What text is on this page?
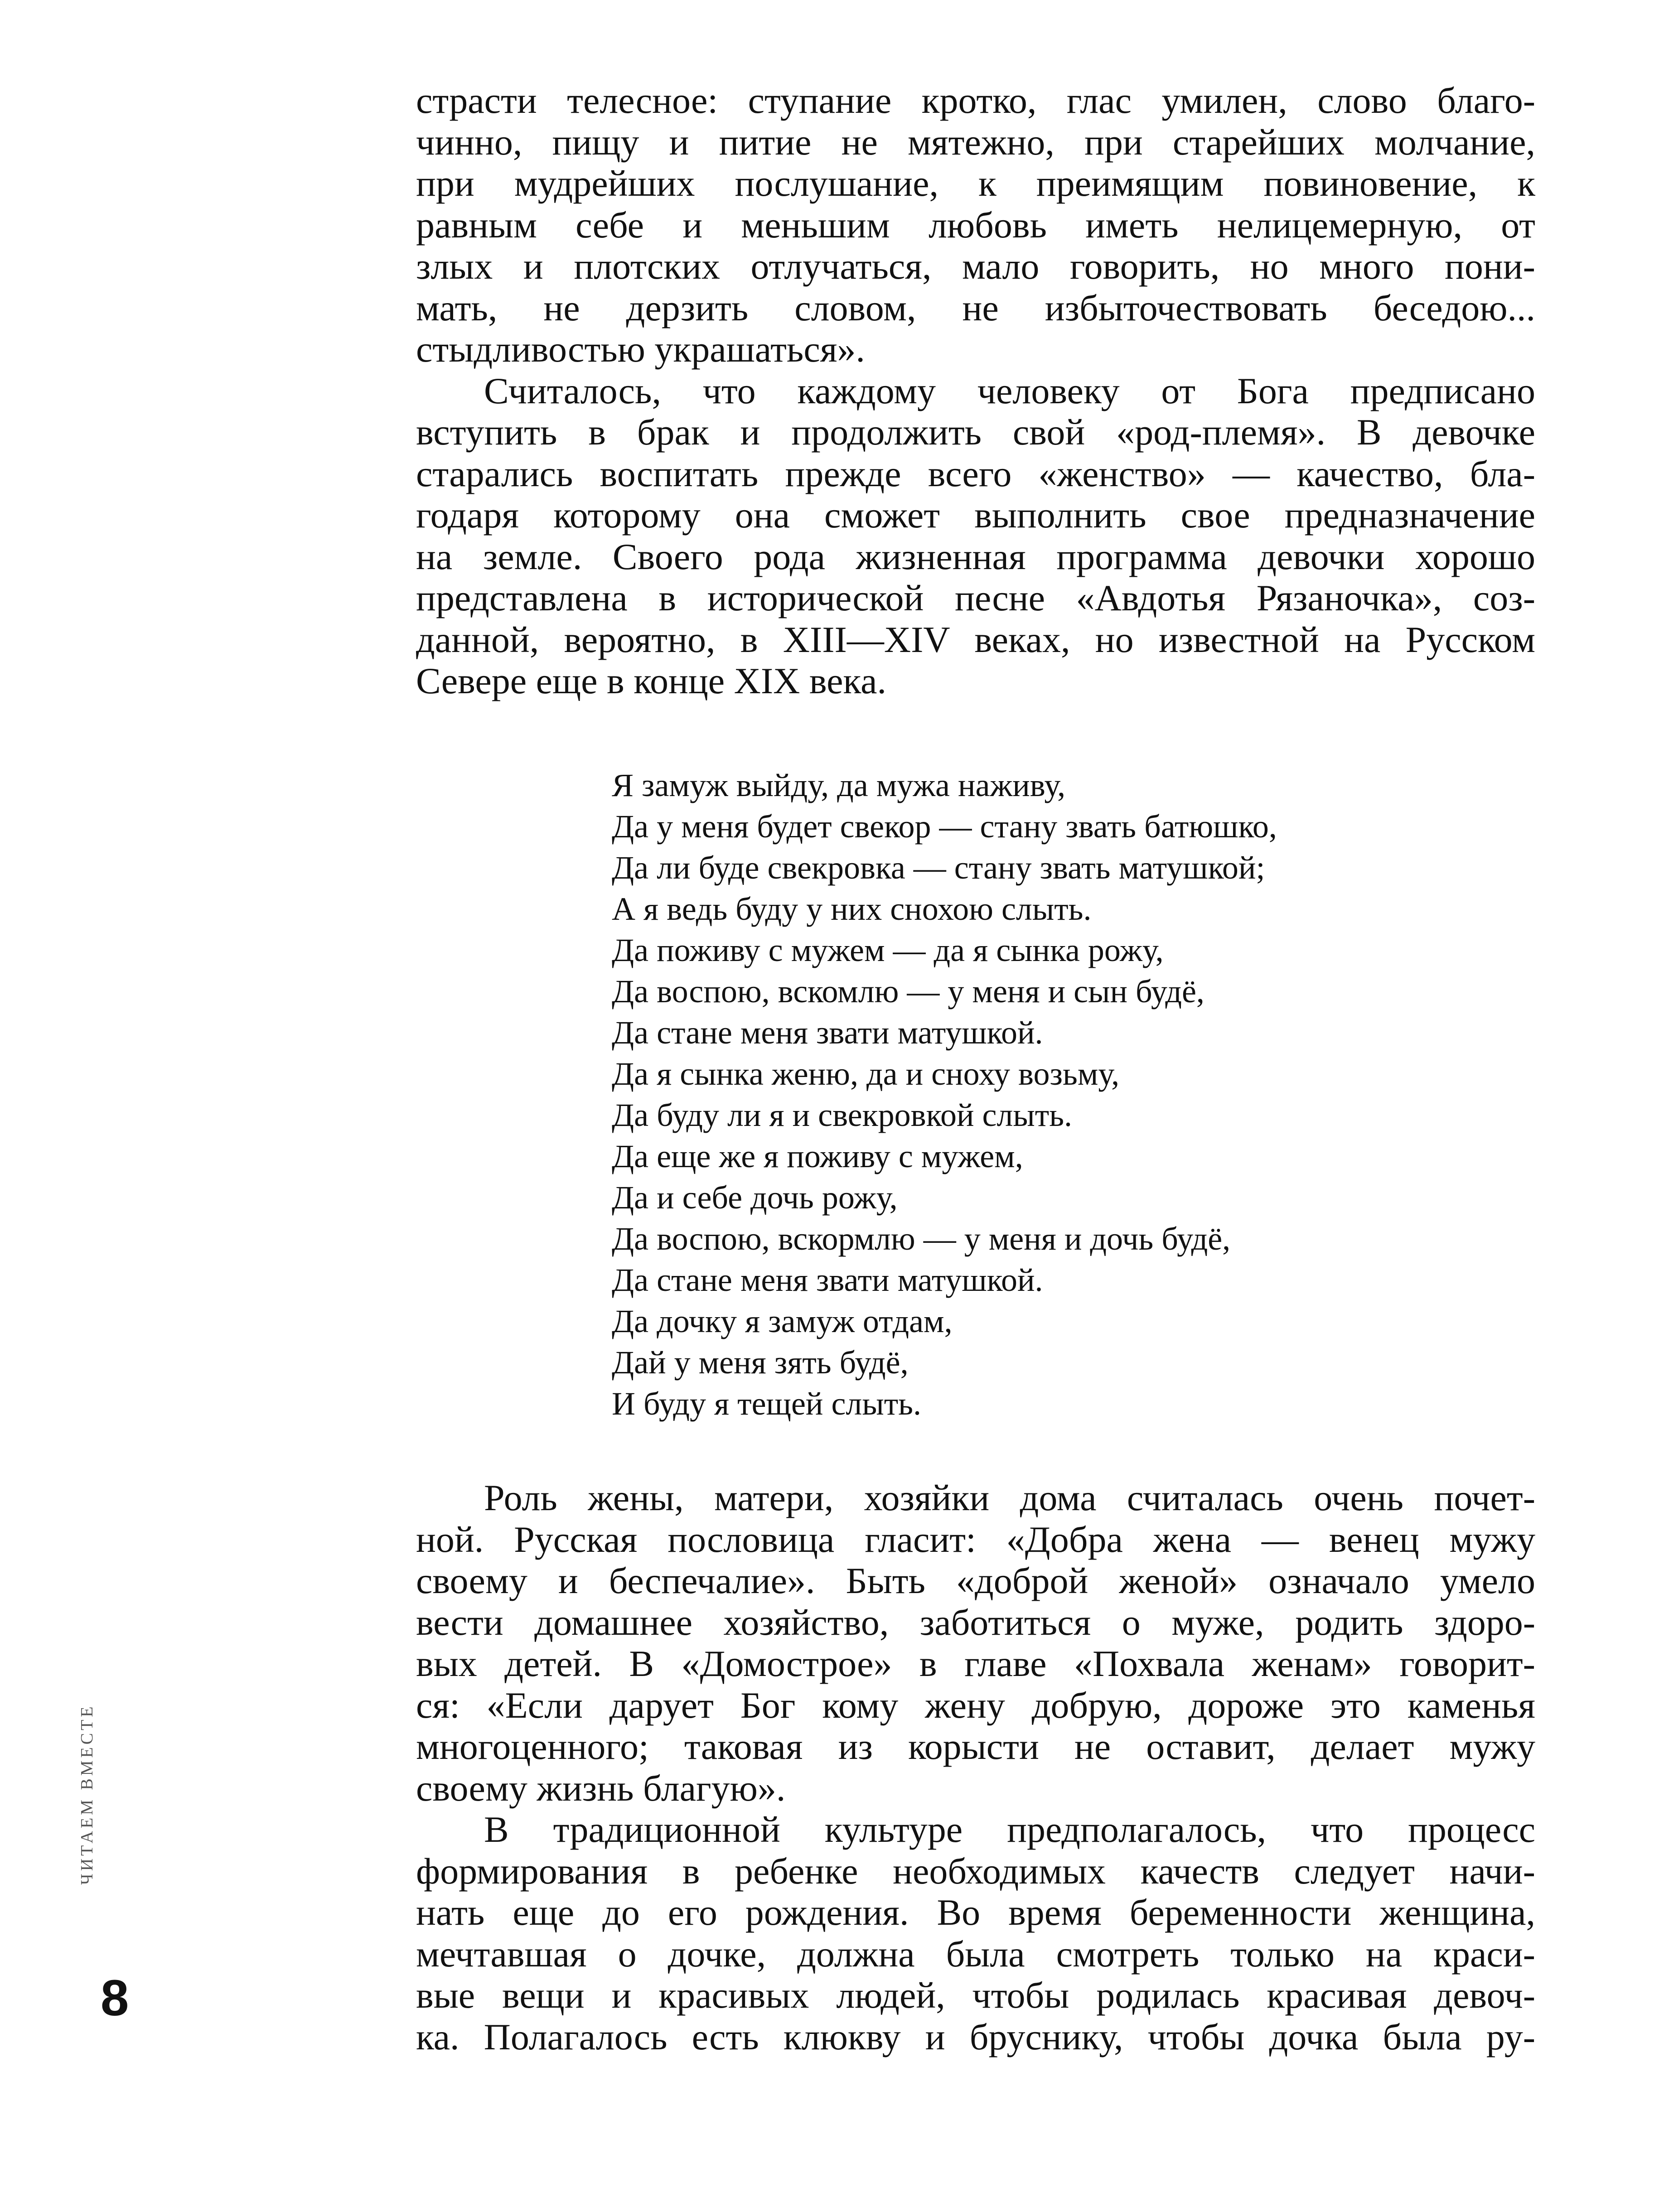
ЧИТАЕМ ВМЕСТЕ

страсти телесное: ступание кротко, глас умилен, слово благо-
чинно, пищу и питие не мятежно, при старейших молчание,
при мудрейших послушание, к преимящим повиновение, к
равным себе и меньшим любовь иметь нелицемерную, от
злых и плотских отлучаться, мало говорить, но много пони-
мать, не дерзить словом, не избыточествовать беседою...
стыдливостью украшаться».

Считалось, что каждому человеку от Бога предписано
вступить в брак и продолжить свой «род-племя». В девочке
старались воспитать прежде всего «женство» — качество, бла-
годаря которому она сможет выполнить свое предназначение
на земле. Своего рода жизненная программа девочки хорошо
представлена в исторической песне «Авдотья Рязаночка», соз-
данной, вероятно, в XIII—XIV веках, но известной на Русском
Севере еще в конце XIX века.

Я замуж выйду, да мужа наживу,
Да у меня будет свекор — стану звать батюшко,
Да ли буде свекровка — стану звать матушкой;
А я ведь буду у них снохою слыть.
Да поживу с мужем — да я сынка рожу,
Да воспою, вскомлю — у меня и сын будё,
Да стане меня звати матушкой.
Да я сынка женю, да и сноху возьму,
Да буду ли я и свекровкой слыть.
Да еще же я поживу с мужем,
Да и себе дочь рожу,
Да воспою, вскормлю — у меня и дочь будё,
Да стане меня звати матушкой.
Да дочку я замуж отдам,
Дай у меня зять будё,
И буду я тещей слыть.

Роль жены, матери, хозяйки дома считалась очень почет-
ной. Русская пословица гласит: «Добра жена — венец мужу
своему и беспечалие». Быть «доброй женой» означало умело
вести домашнее хозяйство, заботиться о муже, родить здоро-
вых детей. В «Домострое» в главе «Похвала женам» говорит-
ся: «Если дарует Бог кому жену добрую, дороже это каменья
многоценного; таковая из корысти не оставит, делает мужу
своему жизнь благую».

В традиционной культуре предполагалось, что процесс
формирования в ребенке необходимых качеств следует начи-
нать еще до его рождения. Во время беременности женщина,
мечтавшая о дочке, должна была смотреть только на краси-
вые вещи и красивых людей, чтобы родилась красивая девоч-
ка. Полагалось есть клюкву и бруснику, чтобы дочка была ру-

8
